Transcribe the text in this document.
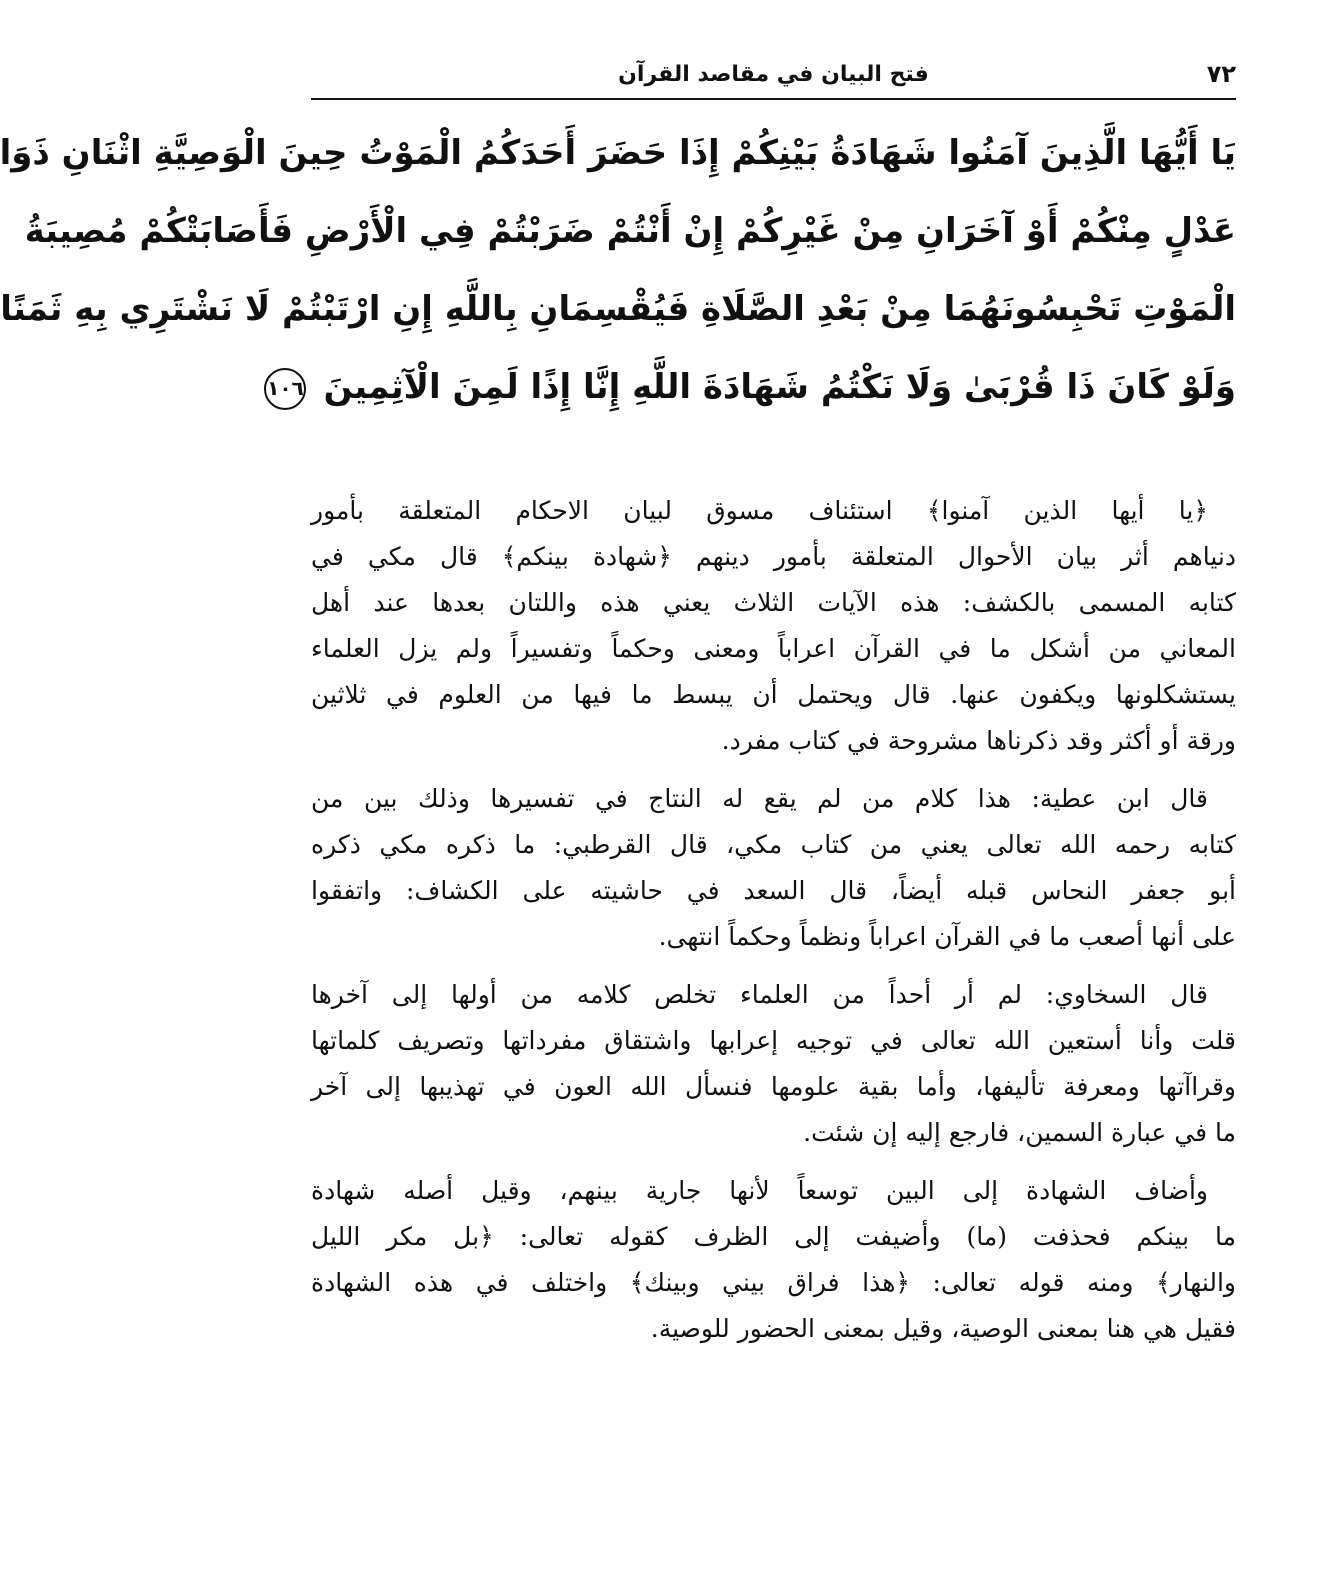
٧٢
فتح البيان في مقاصد القرآن
يَا أَيُّهَا الَّذِينَ آمَنُوا شَهَادَةُ بَيْنِكُمْ إِذَا حَضَرَ أَحَدَكُمُ الْمَوْتُ حِينَ الْوَصِيَّةِ اثْنَانِ ذَوَا
عَدْلٍ مِنْكُمْ أَوْ آخَرَانِ مِنْ غَيْرِكُمْ إِنْ أَنْتُمْ ضَرَبْتُمْ فِي الْأَرْضِ فَأَصَابَتْكُمْ مُصِيبَةُ
الْمَوْتِ تَحْبِسُونَهُمَا مِنْ بَعْدِ الصَّلَاةِ فَيُقْسِمَانِ بِاللَّهِ إِنِ ارْتَبْتُمْ لَا نَشْتَرِي بِهِ ثَمَنًا
وَلَوْ كَانَ ذَا قُرْبَىٰ وَلَا نَكْتُمُ شَهَادَةَ اللَّهِ إِنَّا إِذًا لَمِنَ الْآثِمِينَ ١٠٦
﴿يا أيها الذين آمنوا﴾ استئناف مسوق لبيان الاحكام المتعلقة بأمور
دنياهم أثر بيان الأحوال المتعلقة بأمور دينهم ﴿شهادة بينكم﴾ قال مكي في
كتابه المسمى بالكشف: هذه الآيات الثلاث يعني هذه واللتان بعدها عند أهل
المعاني من أشكل ما في القرآن اعراباً ومعنى وحكماً وتفسيراً ولم يزل العلماء
يستشكلونها ويكفون عنها. قال ويحتمل أن يبسط ما فيها من العلوم في ثلاثين
ورقة أو أكثر وقد ذكرناها مشروحة في كتاب مفرد.
قال ابن عطية: هذا كلام من لم يقع له النتاج في تفسيرها وذلك بين من
كتابه رحمه الله تعالى يعني من كتاب مكي، قال القرطبي: ما ذكره مكي ذكره
أبو جعفر النحاس قبله أيضاً، قال السعد في حاشيته على الكشاف: واتفقوا
على أنها أصعب ما في القرآن اعراباً ونظماً وحكماً انتهى.
قال السخاوي: لم أر أحداً من العلماء تخلص كلامه من أولها إلى آخرها
قلت وأنا أستعين الله تعالى في توجيه إعرابها واشتقاق مفرداتها وتصريف كلماتها
وقراآتها ومعرفة تأليفها، وأما بقية علومها فنسأل الله العون في تهذيبها إلى آخر
ما في عبارة السمين، فارجع إليه إن شئت.
وأضاف الشهادة إلى البين توسعاً لأنها جارية بينهم، وقيل أصله شهادة
ما بينكم فحذفت (ما) وأضيفت إلى الظرف كقوله تعالى: ﴿بل مكر الليل
والنهار﴾ ومنه قوله تعالى: ﴿هذا فراق بيني وبينك﴾ واختلف في هذه الشهادة
فقيل هي هنا بمعنى الوصية، وقيل بمعنى الحضور للوصية.
